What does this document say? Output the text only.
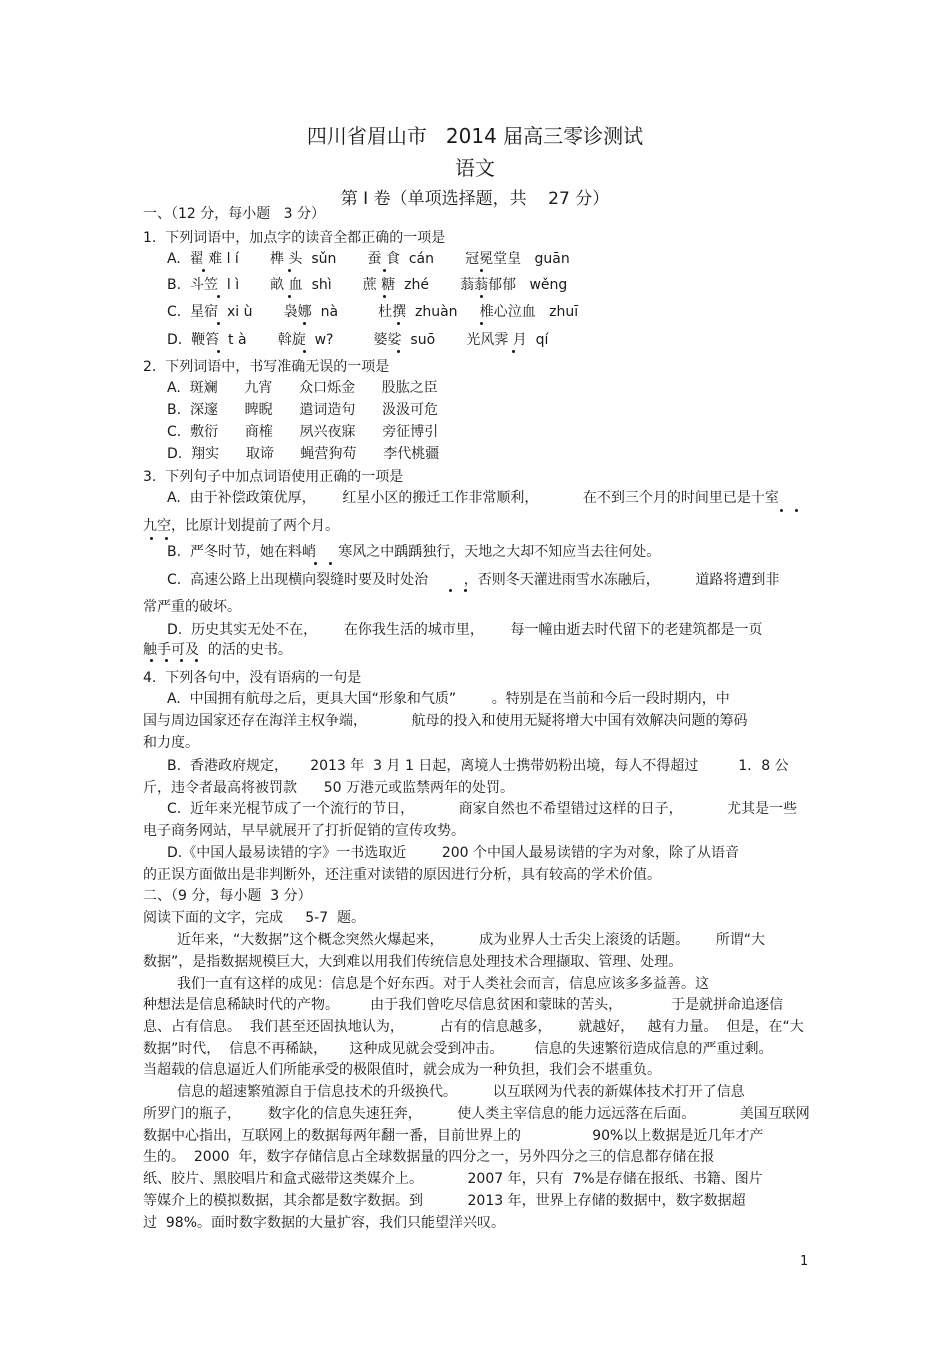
四川省眉山市   2014 届高三零诊测试
语文
第 I 卷（单项选择题，共    27 分）
一、（12 分，每小题   3 分）
1.  下列词语中，加点字的读音全都正确的一项是
A.  翟 难 l í       榫 头  sǔn       蚕 食  cán       冠冕堂皇   guān
B.  斗笠  l ì       畝 血  shì       蔗 糖  zhé       蓊蓊郁郁   wěng
C.  星宿  xi ù       袅娜  nà         杜撰  zhuàn     椎心泣血   zhuī
D.  鞭笞  t à       斡旋  w?         婆娑  suō       光风霁 月  qí
2.  下列词语中，书写准确无误的一项是
A.  斑斓      九宵      众口烁金      股肱之臣
B.  深邃      睥睨      遣词造句      汲汲可危
C.  敷衍      商榷      夙兴夜寐      旁征博引
D.  翔实      取谛      蝇营狗苟      李代桃疆
3.  下列句子中加点词语使用正确的一项是
A.  由于补偿政策优厚，      红星小区的搬迁工作非常顺利，          在不到三个月的时间里已是十室
九空，比原计划提前了两个月。
B.  严冬时节，她在料峭     寒风之中踽踽独行，天地之大却不知应当去往何处。
C.  高速公路上出现横向裂缝时要及时处治        ，否则冬天灌进雨雪水冻融后，        道路将遭到非
常严重的破坏。
D.  历史其实无处不在，      在你我生活的城市里，      每一幢由逝去时代留下的老建筑都是一页
触手可及  的活的史书。
4.  下列各句中，没有语病的一句是
A.  中国拥有航母之后，更具大国“形象和气质”        。特别是在当前和今后一段时期内，中
国与周边国家还存在海洋主权争端，          航母的投入和使用无疑将增大中国有效解决问题的筹码
和力度。
B.  香港政府规定，     2013 年  3 月 1 日起，离境人士携带奶粉出境，每人不得超过         1．8 公
斤，违令者最高将被罚款      50 万港元或监禁两年的处罚。
C.  近年来光棍节成了一个流行的节日，          商家自然也不希望错过这样的日子，          尤其是一些
电子商务网站，早早就展开了打折促销的宣传攻势。
D.《中国人最易读错的字》一书选取近        200 个中国人最易读错的字为对象，除了从语音
的正误方面做出是非判断外，还注重对读错的原因进行分析，具有较高的学术价值。
二、（9 分，每小题  3 分）
阅读下面的文字，完成     5-7  题。
近年来，“大数据”这个概念突然火爆起来，        成为业界人士舌尖上滚烫的话题。      所谓“大
数据”，是指数据规模巨大，大到难以用我们传统信息处理技术合理撷取、管理、处理。
我们一直有这样的成见：信息是个好东西。对于人类社会而言，信息应该多多益善。这
种想法是信息稀缺时代的产物。       由于我们曾吃尽信息贫困和蒙昧的苦头，           于是就拼命追逐信
息、占有信息。  我们甚至还固执地认为，        占有的信息越多，      就越好，   越有力量。  但是，在“大
数据”时代，  信息不再稀缺，     这种成见就会受到冲击。       信息的失速繁衍造成信息的严重过剩。
当超载的信息逼近人们所能承受的极限值时，就会成为一种负担，我们会不堪重负。
信息的超速繁殖源自于信息技术的升级换代。        以互联网为代表的新媒体技术打开了信息
所罗门的瓶子，      数字化的信息失速狂奔，        使人类主宰信息的能力远远落在后面。          美国互联网
数据中心指出，互联网上的数据每两年翻一番，目前世界上的                90%以上数据是近几年才产
生的。  2000  年，数字存储信息占全球数据量的四分之一，另外四分之三的信息都存储在报
纸、胶片、黑胶唱片和盒式磁带这类媒介上。          2007 年，只有  7%是存储在报纸、书籍、图片
等媒介上的模拟数据，其余都是数字数据。到          2013 年，世界上存储的数据中，数字数据超
过  98%。面时数字数据的大量扩容，我们只能望洋兴叹。
1
